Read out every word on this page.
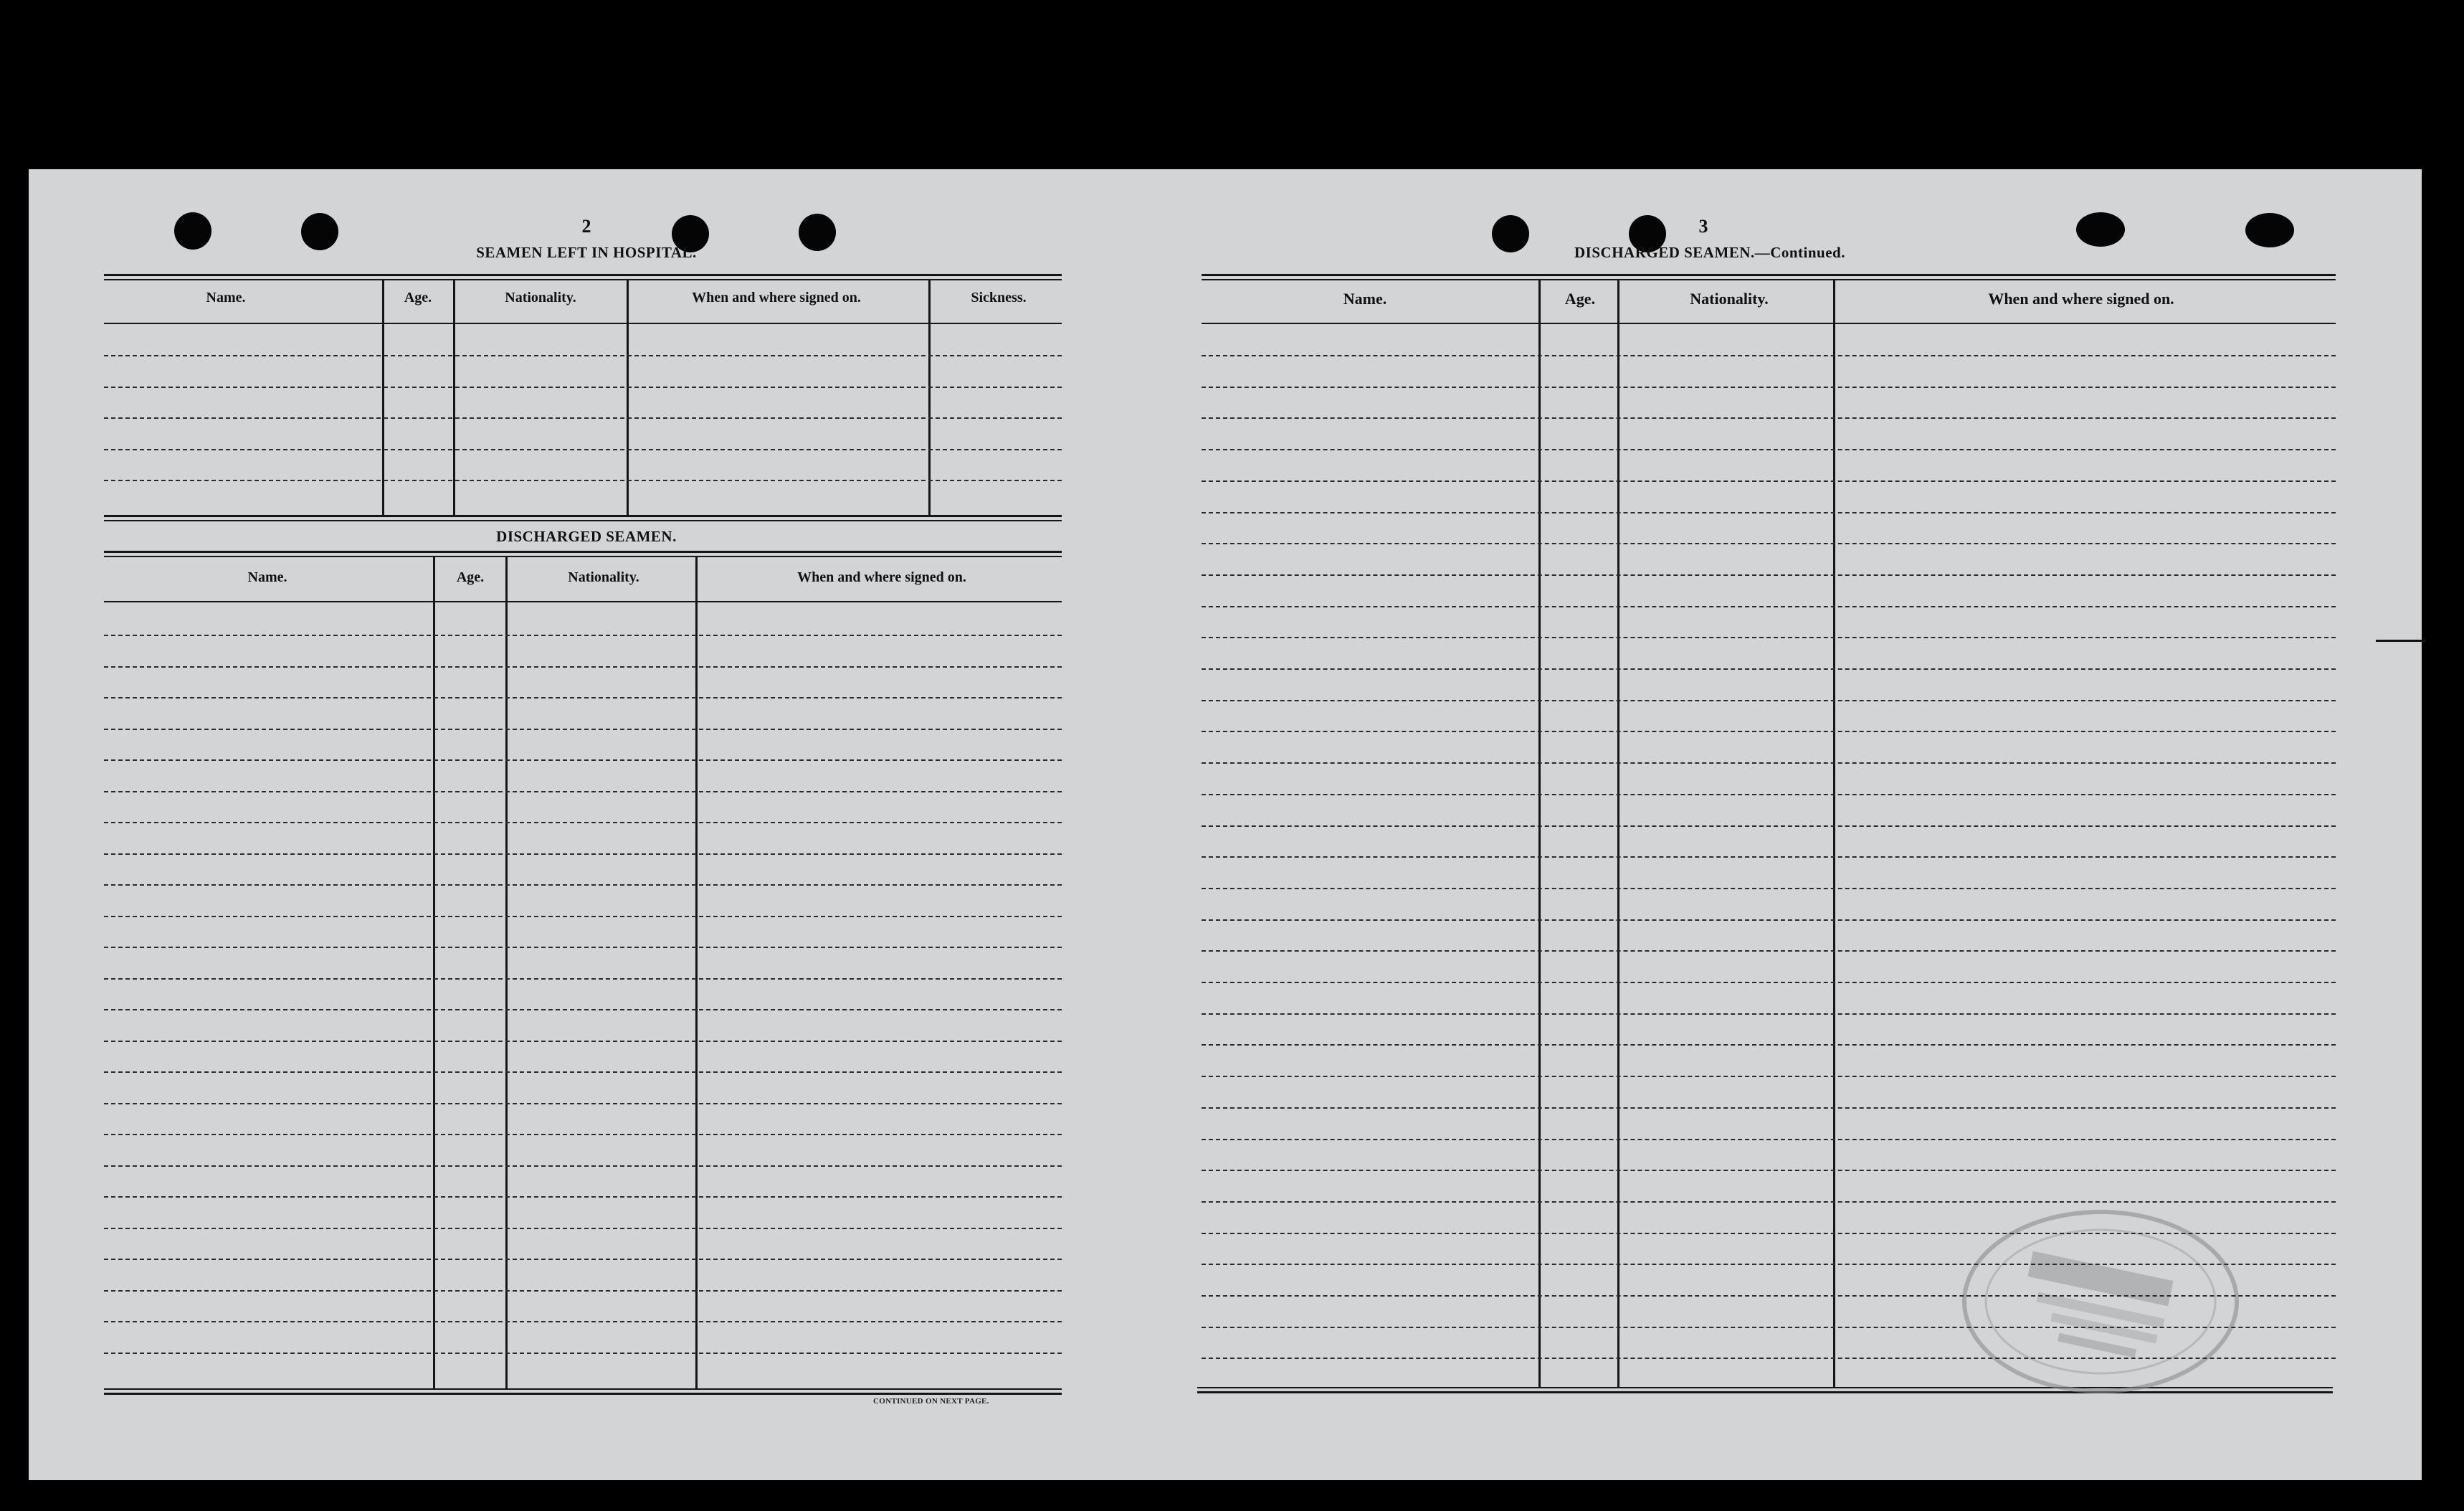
2
SEAMEN LEFT IN HOSPITAL.
DISCHARGED SEAMEN.
CONTINUED ON NEXT PAGE.
3
DISCHARGED SEAMEN.—Continued.
Name.	Age.	Nationality.	When and where signed on.	Sickness.
Name.	Age.	Nationality.	When and where signed on.
Name.	Age.	Nationality.	When and where signed on.
